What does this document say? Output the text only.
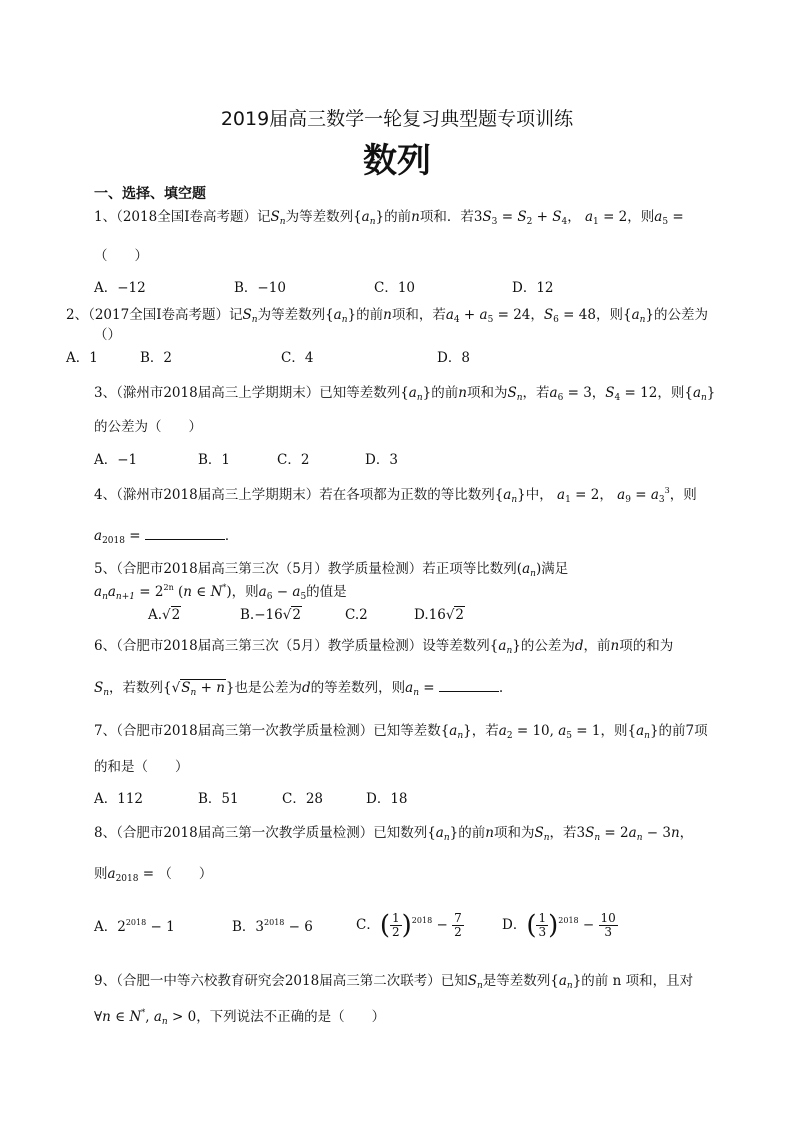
2019届高三数学一轮复习典型题专项训练
数列
一、选择、填空题
1、（2018全国I卷高考题）记$S_n$为等差数列$\{a_n\}$的前n项和．若$3S_3 = S_2 + S_4$， $a_1 = 2$，则$a_5$ =
（　　）
A．−12	B．−10	C．10	D．12
2、（2017全国I卷高考题）记$S_n$为等差数列$\{a_n\}$的前n项和，若$a_4 + a_5 = 24$，$S_6 = 48$，则$\{a_n\}$的公差为
（）
A．1	B．2	C．4	D．8
3、（滁州市2018届高三上学期期末）已知等差数列$\{a_n\}$的前n项和为$S_n$，若$a_6 = 3$，$S_4 = 12$，则$\{a_n\}$
的公差为（　　）
A．−1	B．1	C．2	D．3
4、（滁州市2018届高三上学期期末）若在各项都为正数的等比数列$\{a_n\}$中， $a_1 = 2$， $a_9 = a_3^3$，则
$a_{2018}$ =	．
5、（合肥市2018届高三第三次（5月）教学质量检测）若正项等比数列$(a_n)$满足
$a_na_{n+1} = 2^{2n}$ (n ∈ N*)，则$a_6 - a_5$的值是
A.√2	B.−16√2	C.2	D.16√2
6、（合肥市2018届高三第三次（5月）教学质量检测）设等差数列$\{a_n\}$的公差为d，前n项的和为
$S_n$，若数列$\{√S_n + n\}$也是公差为d的等差数列，则$a_n$ =	.
7、（合肥市2018届高三第一次教学质量检测）已知等差数$\{a_n\}$，若$a_2 = 10$, $a_5 = 1$，则$\{a_n\}$的前7项
的和是（　　）
A．112	B．51	C．28	D．18
8、（合肥市2018届高三第一次教学质量检测）已知数列$\{a_n\}$的前n项和为$S_n$，若$3S_n = 2a_n - 3n$，
则$a_{2018}$ = （　　）
A．$2^{2018} - 1$	B．$3^{2018} - 6$	C．( $\frac{1}{2} )^{2018} - \frac{7}{2}$	D．( $\frac{1}{3} )^{2018} - \frac{10}{3}$
9、（合肥一中等六校教育研究会2018届高三第二次联考）已知$S_n$是等差数列$\{a_n\}$的前 n 项和，且对
∀n ∈ N*, $a_n > 0$，下列说法不正确的是（　　）
